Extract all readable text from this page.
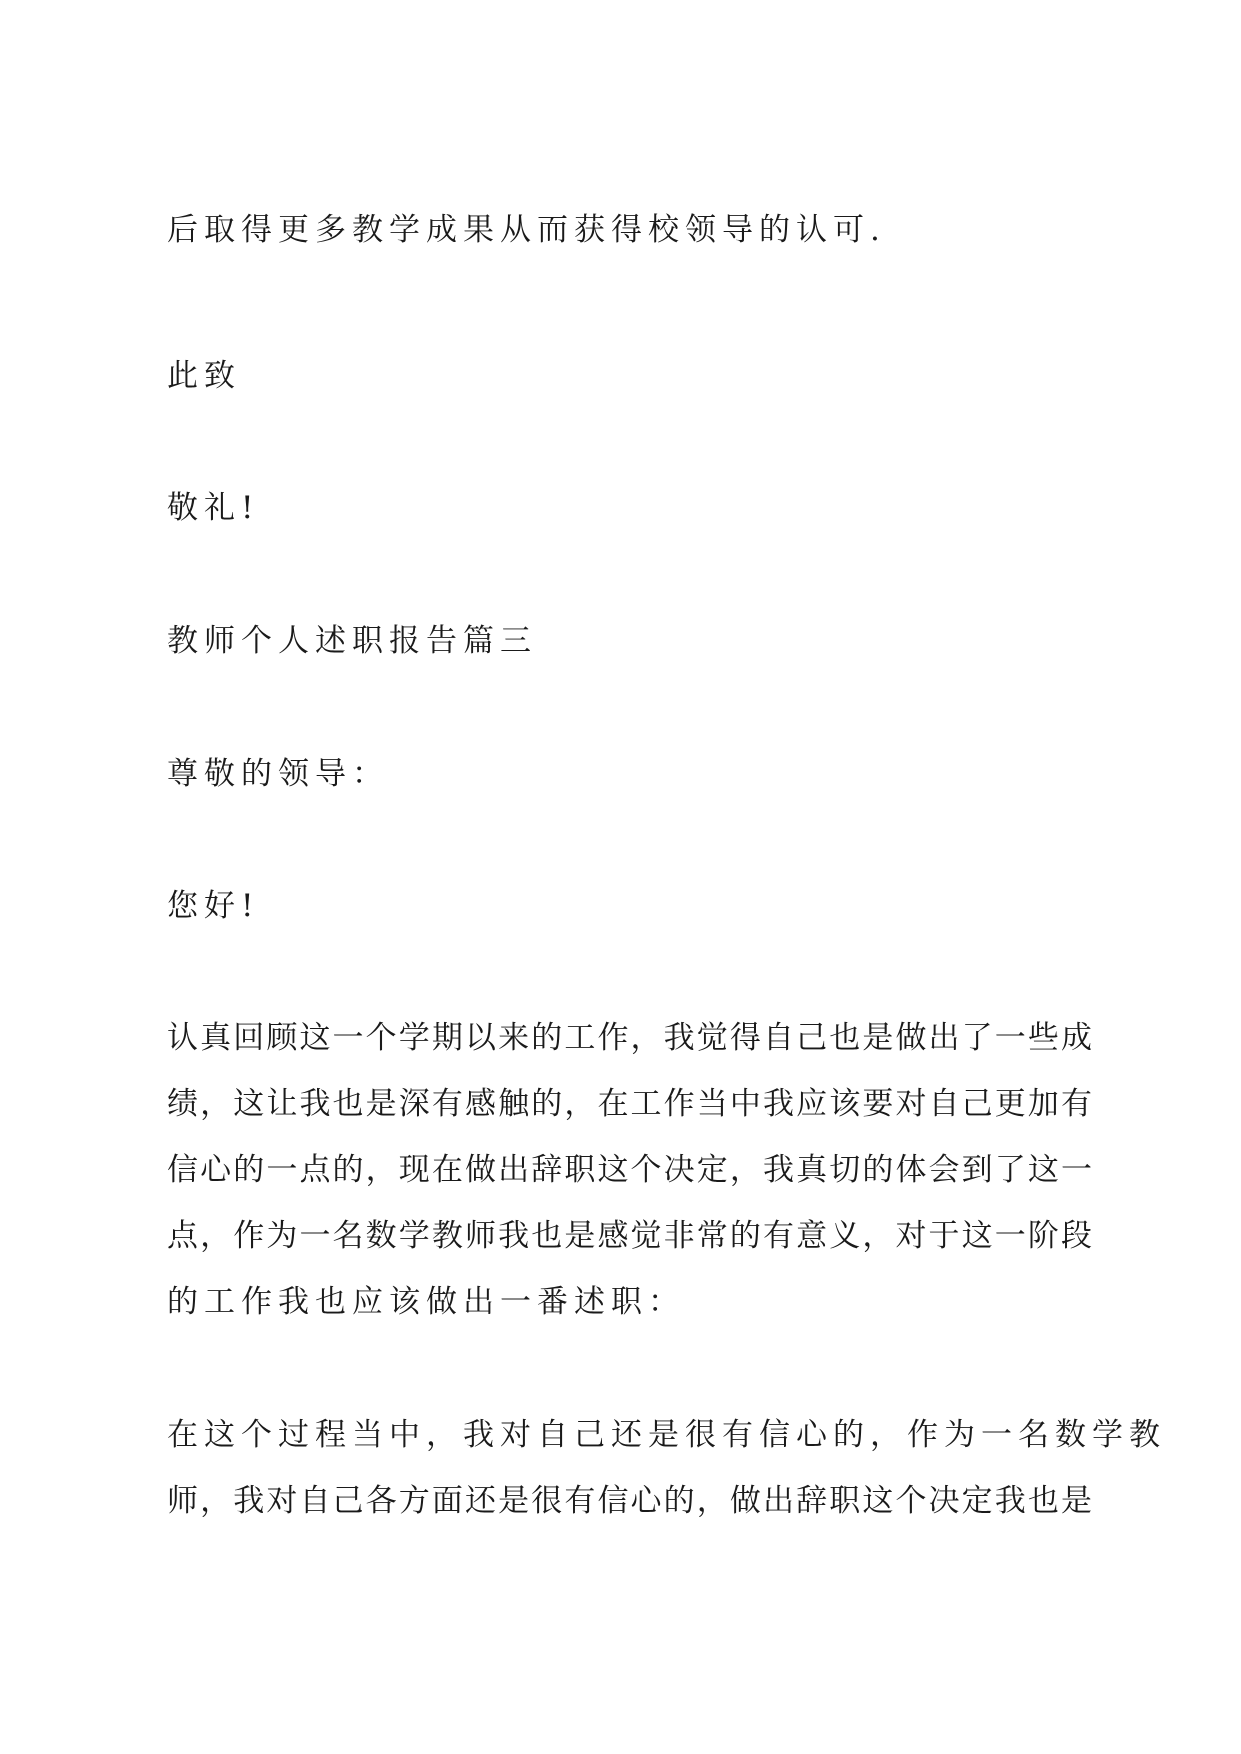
后取得更多教学成果从而获得校领导的认可.
此致
敬礼!
教师个人述职报告篇三
尊敬的领导：
您好!
认真回顾这一个学期以来的工作，我觉得自己也是做出了一些成
绩，这让我也是深有感触的，在工作当中我应该要对自己更加有
信心的一点的，现在做出辞职这个决定，我真切的体会到了这一
点，作为一名数学教师我也是感觉非常的有意义，对于这一阶段
的工作我也应该做出一番述职：
在这个过程当中，我对自己还是很有信心的，作为一名数学教
师，我对自己各方面还是很有信心的，做出辞职这个决定我也是
